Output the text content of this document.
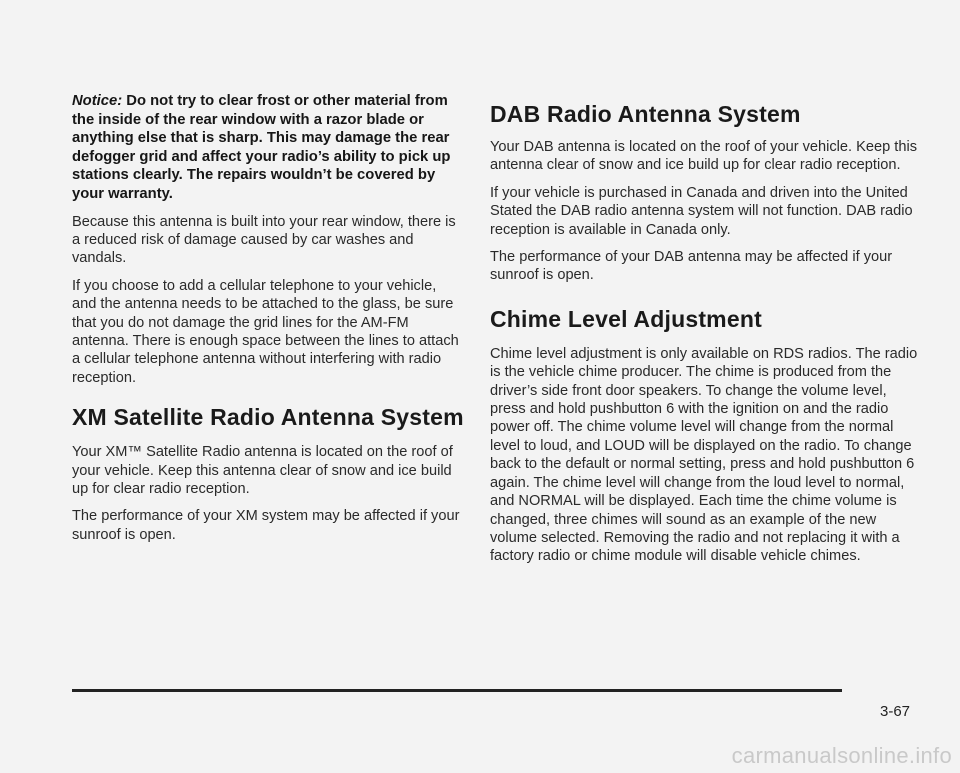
Notice: Do not try to clear frost or other material from the inside of the rear window with a razor blade or anything else that is sharp. This may damage the rear defogger grid and affect your radio’s ability to pick up stations clearly. The repairs wouldn’t be covered by your warranty.

Because this antenna is built into your rear window, there is a reduced risk of damage caused by car washes and vandals.

If you choose to add a cellular telephone to your vehicle, and the antenna needs to be attached to the glass, be sure that you do not damage the grid lines for the AM-FM antenna. There is enough space between the lines to attach a cellular telephone antenna without interfering with radio reception.

XM Satellite Radio Antenna System

Your XM™ Satellite Radio antenna is located on the roof of your vehicle. Keep this antenna clear of snow and ice build up for clear radio reception.

The performance of your XM system may be affected if your sunroof is open.

DAB Radio Antenna System

Your DAB antenna is located on the roof of your vehicle. Keep this antenna clear of snow and ice build up for clear radio reception.

If your vehicle is purchased in Canada and driven into the United Stated the DAB radio antenna system will not function. DAB radio reception is available in Canada only.

The performance of your DAB antenna may be affected if your sunroof is open.

Chime Level Adjustment

Chime level adjustment is only available on RDS radios. The radio is the vehicle chime producer. The chime is produced from the driver’s side front door speakers. To change the volume level, press and hold pushbutton 6 with the ignition on and the radio power off. The chime volume level will change from the normal level to loud, and LOUD will be displayed on the radio. To change back to the default or normal setting, press and hold pushbutton 6 again. The chime level will change from the loud level to normal, and NORMAL will be displayed. Each time the chime volume is changed, three chimes will sound as an example of the new volume selected. Removing the radio and not replacing it with a factory radio or chime module will disable vehicle chimes.

3-67
carmanualsonline.info
